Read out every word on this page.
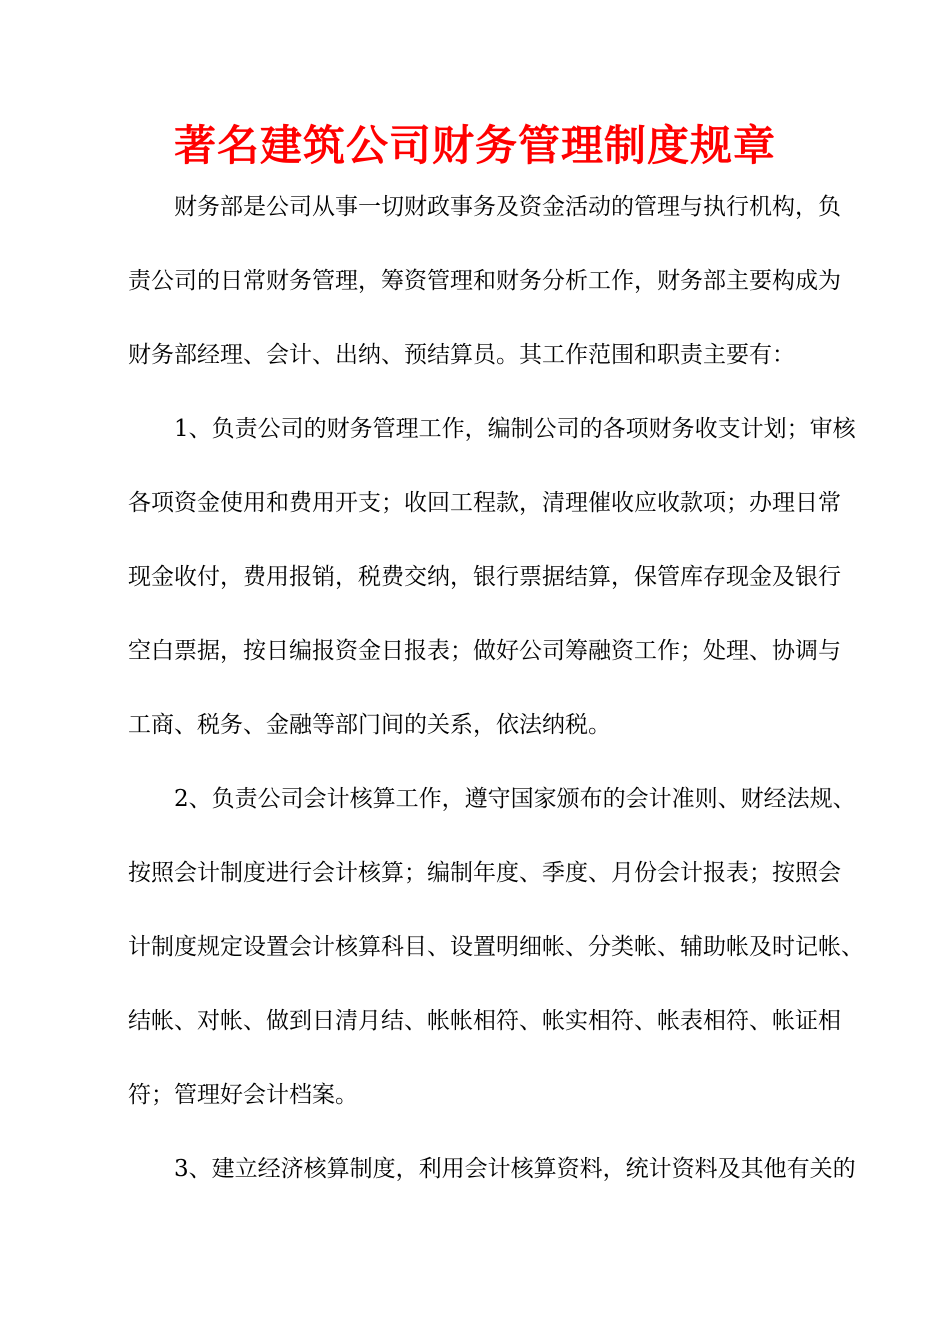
著名建筑公司财务管理制度规章

财务部是公司从事一切财政事务及资金活动的管理与执行机构，负

责公司的日常财务管理，筹资管理和财务分析工作，财务部主要构成为

财务部经理、会计、出纳、预结算员。其工作范围和职责主要有：

1、负责公司的财务管理工作，编制公司的各项财务收支计划；审核

各项资金使用和费用开支；收回工程款，清理催收应收款项；办理日常

现金收付，费用报销，税费交纳，银行票据结算，保管库存现金及银行

空白票据，按日编报资金日报表；做好公司筹融资工作；处理、协调与

工商、税务、金融等部门间的关系，依法纳税。

2、负责公司会计核算工作，遵守国家颁布的会计准则、财经法规、

按照会计制度进行会计核算；编制年度、季度、月份会计报表；按照会

计制度规定设置会计核算科目、设置明细帐、分类帐、辅助帐及时记帐、

结帐、对帐、做到日清月结、帐帐相符、帐实相符、帐表相符、帐证相

符；管理好会计档案。

3、建立经济核算制度，利用会计核算资料，统计资料及其他有关的
